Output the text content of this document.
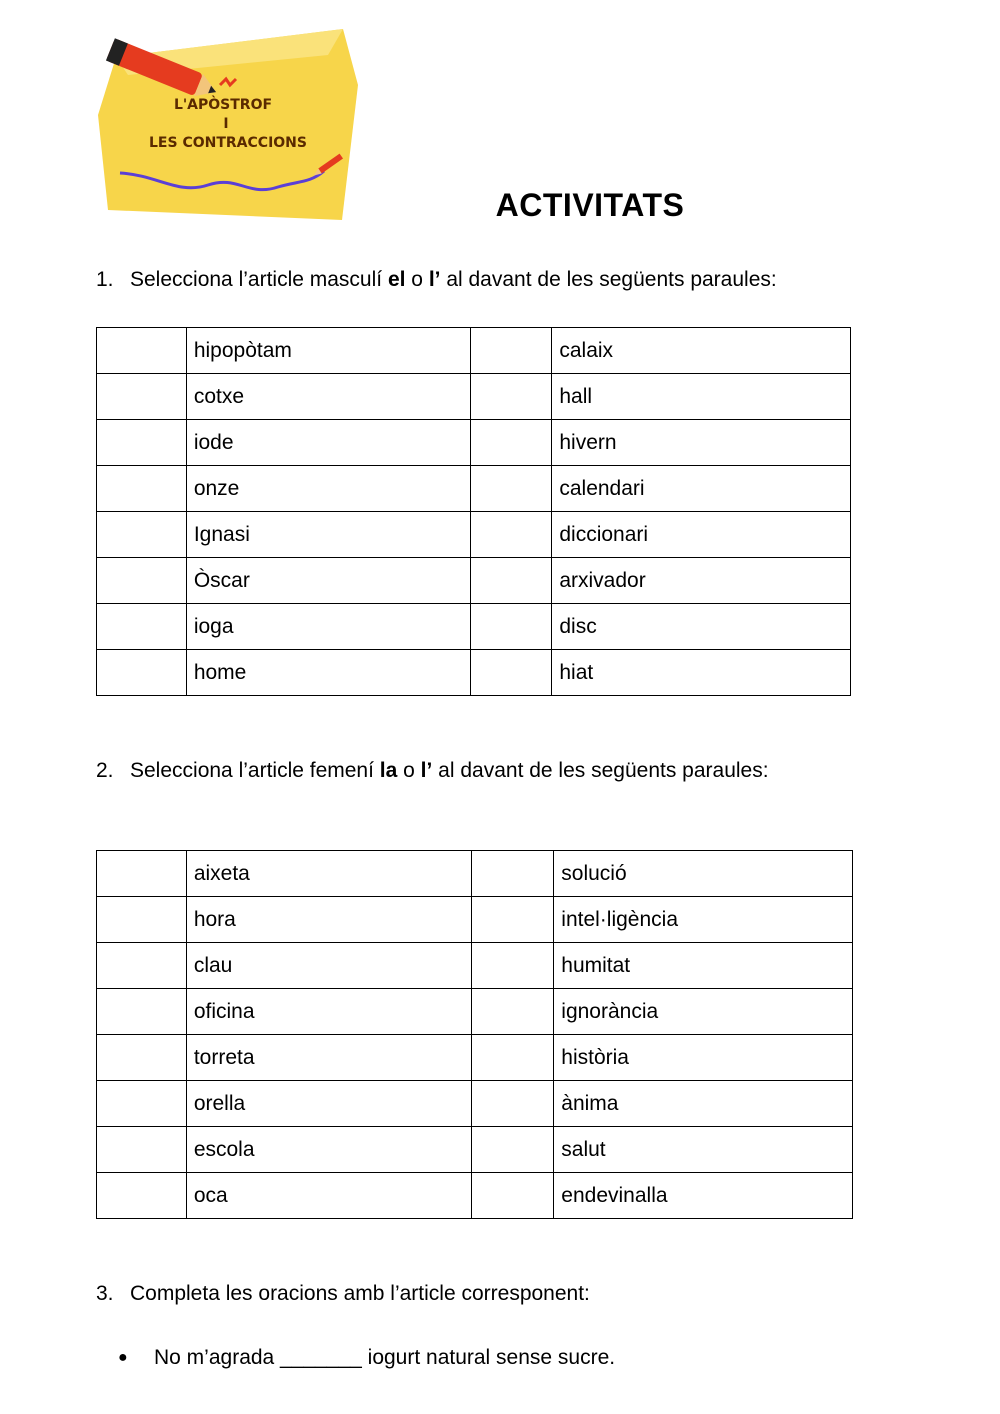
L'APÒSTROF
I
LES CONTRACCIONS
ACTIVITATS
1. Selecciona l’article masculí el o l’ al davant de les següents paraules:
	hipopòtam		calaix
	cotxe		hall
	iode		hivern
	onze		calendari
	Ignasi		diccionari
	Òscar		arxivador
	ioga		disc
	home		hiat
2. Selecciona l’article femení la o l’ al davant de les següents paraules:
	aixeta		solució
	hora		intel·ligència
	clau		humitat
	oficina		ignorància
	torreta		història
	orella		ànima
	escola		salut
	oca		endevinalla
3. Completa les oracions amb l’article corresponent:
● No m’agrada _______ iogurt natural sense sucre.
